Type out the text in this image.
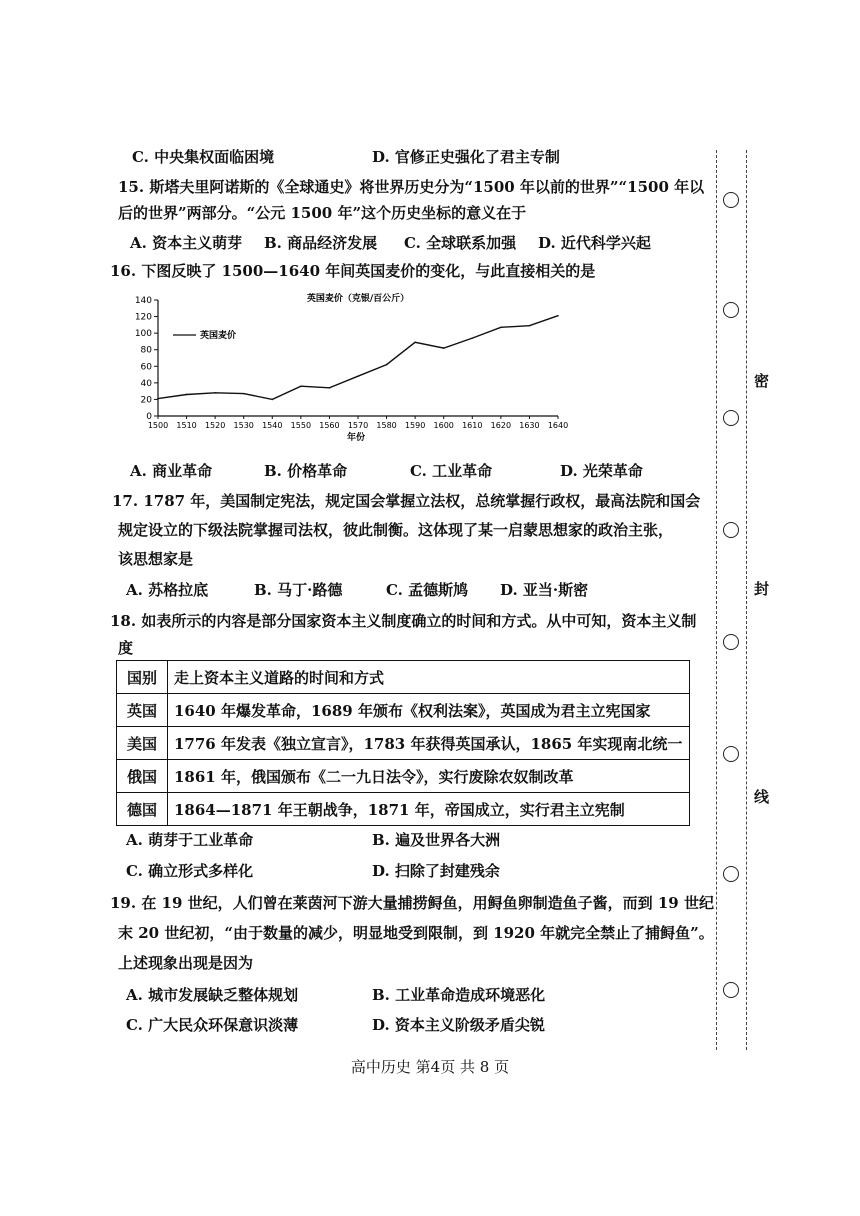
C. 中央集权面临困境	D. 官修正史强化了君主专制
15. 斯塔夫里阿诺斯的《全球通史》将世界历史分为“1500 年以前的世界”“1500 年以
后的世界”两部分。“公元 1500 年”这个历史坐标的意义在于
A. 资本主义萌芽 B. 商品经济发展 C. 全球联系加强 D. 近代科学兴起
16. 下图反映了 1500—1640 年间英国麦价的变化，与此直接相关的是
0
20
40
60
80
100
120
140
1500 1510 1520 1530 1540 1550 1560 1570 1580 1590 1600 1610 1620 1630 1640
英国麦价（克银/百公斤）
年份
英国麦价
A. 商业革命	B. 价格革命	C. 工业革命	D. 光荣革命
17. 1787 年，美国制定宪法，规定国会掌握立法权，总统掌握行政权，最高法院和国会
规定设立的下级法院掌握司法权，彼此制衡。这体现了某一启蒙思想家的政治主张，
该思想家是
A. 苏格拉底	B. 马丁·路德	C. 孟德斯鸠 D. 亚当·斯密
18. 如表所示的内容是部分国家资本主义制度确立的时间和方式。从中可知，资本主义制
度
国别	走上资本主义道路的时间和方式
英国	1640 年爆发革命，1689 年颁布《权利法案》，英国成为君主立宪国家
美国	1776 年发表《独立宣言》，1783 年获得英国承认，1865 年实现南北统一
俄国	1861 年，俄国颁布《二一九日法令》，实行废除农奴制改革
德国	1864—1871 年王朝战争，1871 年，帝国成立，实行君主立宪制
A. 萌芽于工业革命	B. 遍及世界各大洲
C. 确立形式多样化	D. 扫除了封建残余
19. 在 19 世纪，人们曾在莱茵河下游大量捕捞鲟鱼，用鲟鱼卵制造鱼子酱，而到 19 世纪
末 20 世纪初，“由于数量的减少，明显地受到限制，到 1920 年就完全禁止了捕鲟鱼”。
上述现象出现是因为
A. 城市发展缺乏整体规划	B. 工业革命造成环境恶化
C. 广大民众环保意识淡薄	D. 资本主义阶级矛盾尖锐
密
封
线
高中历史 第4页 共 8 页
